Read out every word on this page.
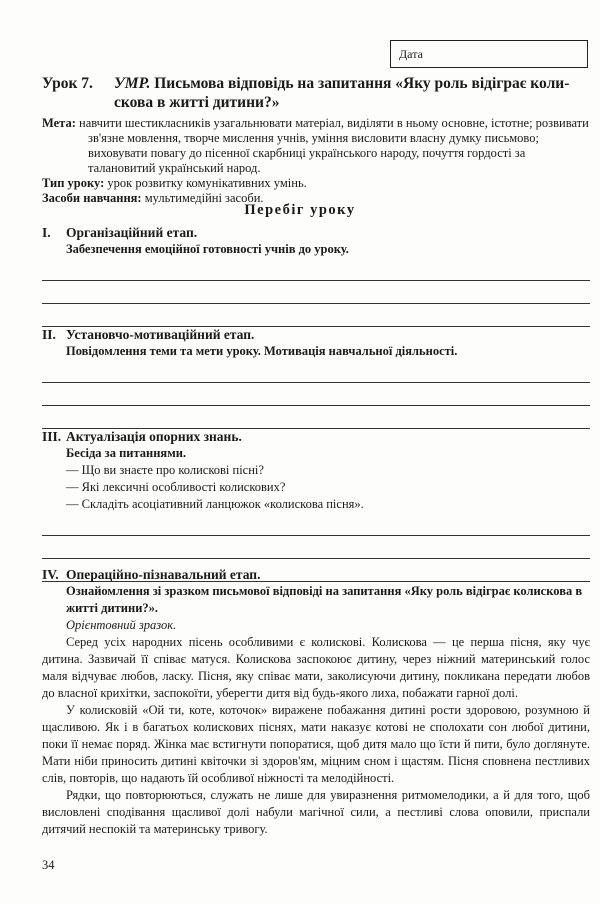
Дата
Урок 7. УМР. Письмова відповідь на запитання «Яку роль відіграє коли-
скова в житті дитини?»

Мета: навчити шестикласників узагальнювати матеріал, виділяти в ньому основне, істотне; розвивати зв'язне мовлення, творче мислення учнів, уміння висловити власну думку письмово; виховувати повагу до пісенної скарбниці українського народу, почуття гордості за талановитий український народ.

Тип уроку: урок розвитку комунікативних умінь.

Засоби навчання: мультимедійні засоби.

Перебіг уроку
I. Організаційний етап.
Забезпечення емоційної готовності учнів до уроку.
II. Установчо-мотиваційний етап.
Повідомлення теми та мети уроку. Мотивація навчальної діяльності.
III. Актуалізація опорних знань.
Бесіда за питаннями.
— Що ви знаєте про колискові пісні?
— Які лексичні особливості колискових?
— Складіть асоціативний ланцюжок «колискова пісня».
IV. Операційно-пізнавальний етап.
Ознайомлення зі зразком письмової відповіді на запитання «Яку роль відіграє колискова в житті дитини?».
Орієнтовний зразок.

Серед усіх народних пісень особливими є колискові. Колискова — це перша пісня, яку чує дитина. Зазвичай її співає матуся. Колискова заспокоює дитину, через ніжний материнський голос маля відчуває любов, ласку. Пісня, яку співає мати, заколисуючи дитину, покликана передати любов до власної крихітки, заспокоїти, уберегти дитя від будь-якого лиха, побажати гарної долі.

У колисковій «Ой ти, коте, коточок» виражене побажання дитині рости здоровою, розумною й щасливою. Як і в багатьох колискових піснях, мати наказує котові не сполохати сон любої дитини, поки її немає поряд. Жінка має встигнути попоратися, щоб дитя мало що їсти й пити, було доглянуте. Мати ніби приносить дитині квіточки зі здоров'ям, міцним сном і щастям. Пісня сповнена пестливих слів, повторів, що надають їй особливої ніжності та мелодійності.

Рядки, що повторюються, служать не лише для увиразнення ритмомелодики, а й для того, щоб висловлені сподівання щасливої долі набули магічної сили, а пестливі слова оповили, приспали дитячий неспокій та материнську тривогу.

34
